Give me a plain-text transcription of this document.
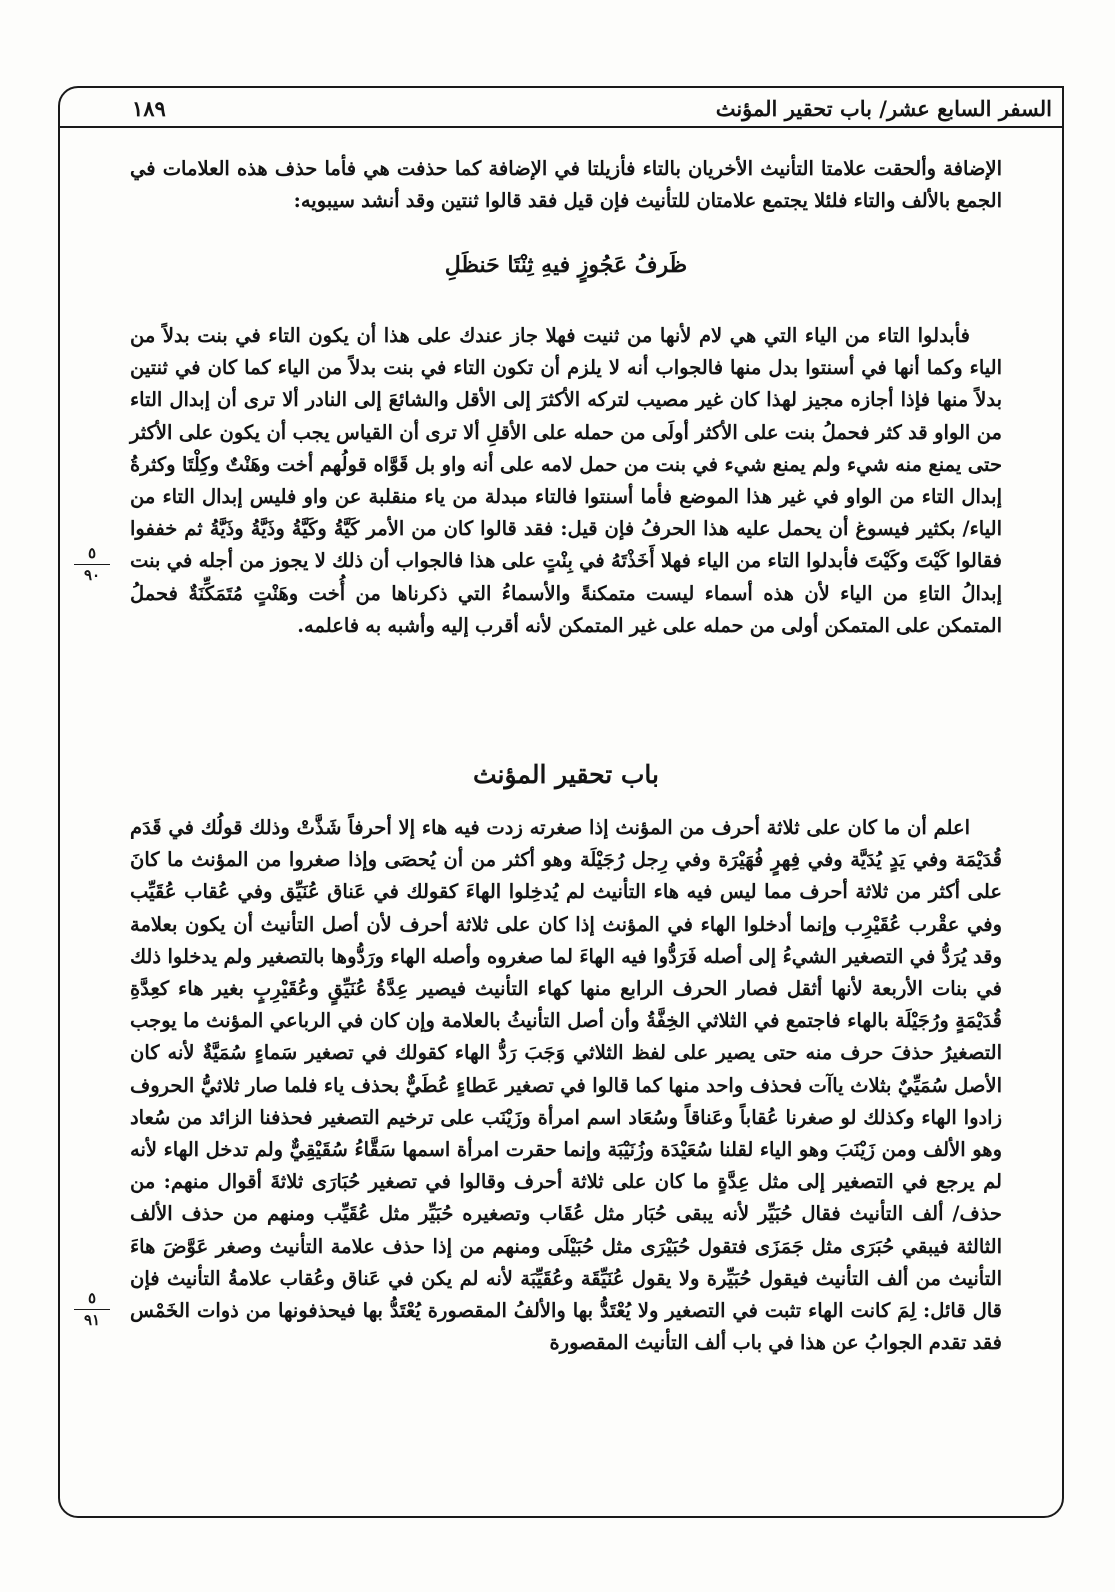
السفر السابع عشر/ باب تحقير المؤنث
١٨٩
الإضافة وألحقت علامتا التأنيث الأخريان بالتاء فأزيلتا في الإضافة كما حذفت هي فأما حذف هذه العلامات في الجمع بالألف والتاء فلئلا يجتمع علامتان للتأنيث فإن قيل فقد قالوا ثنتين وقد أنشد سيبويه:
ظَرفُ عَجُوزٍ فيهِ ثِنْتَا حَنظَلِ
فأبدلوا التاء من الياء التي هي لام لأنها من ثنيت فهلا جاز عندك على هذا أن يكون التاء في بنت بدلاً من الياء وكما أنها في أسنتوا بدل منها فالجواب أنه لا يلزم أن تكون التاء في بنت بدلاً من الياء كما كان في ثنتين بدلاً منها فإذا أجازه مجيز لهذا كان غير مصيب لتركه الأكثرَ إلى الأقل والشائعَ إلى النادر ألا ترى أن إبدال التاء من الواو قد كثر فحملُ بنت على الأكثر أولَى من حمله على الأقلِ ألا ترى أن القياس يجب أن يكون على الأكثر حتى يمنع منه شيء ولم يمنع شيء في بنت من حمل لامه على أنه واو بل قَوَّاه قولُهم أخت وهَنْتٌ وكِلْتَا وكثرةُ إبدال التاء من الواو في غير هذا الموضع فأما أسنتوا فالتاء مبدلة من ياء منقلبة عن واو فليس إبدال التاء من الياء/ بكثير فيسوغ أن يحمل عليه هذا الحرفُ فإن قيل: فقد قالوا كان من الأمر كَيَّةُ وكَيَّةُ وذَيَّةُ وذَيَّةُ ثم خففوا فقالوا كَيْتَ وكَيْتَ فأبدلوا التاء من الياء فهلا أَخَذْتَهُ في بِنْتٍ على هذا فالجواب أن ذلك لا يجوز من أجله في بنت إبدالُ التاءِ من الياء لأن هذه أسماء ليست متمكنةً والأسماءُ التي ذكرناها من أُخت وهَنْتٍ مُتَمَكِّنَةٌ فحملُ المتمكن على المتمكن أولى من حمله على غير المتمكن لأنه أقرب إليه وأشبه به فاعلمه.
باب تحقير المؤنث
اعلم أن ما كان على ثلاثة أحرف من المؤنث إذا صغرته زدت فيه هاء إلا أحرفاً شَذَّتْ وذلك قولُك في قَدَم قُدَيْمَة وفي يَدٍ يُدَيَّة وفي فِهرٍ فُهَيْرَة وفي رِجل رُجَيْلَة وهو أكثر من أن يُحصَى وإذا صغروا من المؤنث ما كانَ على أكثر من ثلاثة أحرف مما ليس فيه هاء التأنيث لم يُدخِلوا الهاءَ كقولك في عَناق عُنَيِّق وفي عُقاب عُقَيِّب وفي عقْرب عُقَيْرِب وإنما أدخلوا الهاء في المؤنث إذا كان على ثلاثة أحرف لأن أصل التأنيث أن يكون بعلامة وقد يُرَدُّ في التصغير الشيءُ إلى أصله فَرَدُّوا فيه الهاءَ لما صغروه وأصله الهاء ورَدُّوها بالتصغير ولم يدخلوا ذلك في بنات الأربعة لأنها أثقل فصار الحرف الرابع منها كهاء التأنيث فيصير عِدَّةُ عُنَيِّقٍ وعُقَيْرِبٍ بغير هاء كعِدَّةِ قُدَيْمَةٍ ورُجَيْلَة بالهاء فاجتمع في الثلاثي الخِفَّةُ وأن أصل التأنيثُ بالعلامة وإن كان في الرباعي المؤنث ما يوجب التصغيرُ حذفَ حرف منه حتى يصير على لفظ الثلاثي وَجَبَ رَدُّ الهاء كقولك في تصغير سَماءٍ سُمَيَّةٌ لأنه كان الأصل سُمَيِّيٌ بثلاث ياآت فحذف واحد منها كما قالوا في تصغير عَطاءٍ عُطَيٌّ بحذف ياء فلما صار ثلاثيُّ الحروف زادوا الهاء وكذلك لو صغرنا عُقاباً وعَناقاً وسُعَاد اسم امرأة وزَيْنَب على ترخيم التصغير فحذفنا الزائد من سُعاد وهو الألف ومن زَيْنَبَ وهو الياء لقلنا سُعَيْدَة وزُنَيْبَة وإنما حقرت امرأة اسمها سَقَّاءُ سُقَيْقِيٌّ ولم تدخل الهاء لأنه لم يرجع في التصغير إلى مثل عِدَّةٍ ما كان على ثلاثة أحرف وقالوا في تصغير حُبَارَى ثلاثةَ أقوال منهم: من حذف/ ألف التأنيث فقال حُبَيِّر لأنه يبقى حُبَار مثل عُقَاب وتصغيره حُبَيِّر مثل عُقَيِّب ومنهم من حذف الألف الثالثة فيبقي حُبَرَى مثل جَمَزَى فتقول حُبَيْرَى مثل حُبَيْلَى ومنهم من إذا حذف علامة التأنيث وصغر عَوَّضَ هاءَ التأنيث من ألف التأنيث فيقول حُبَيِّرة ولا يقول عُنَيِّقَة وعُقَيِّبَة لأنه لم يكن في عَناق وعُقاب علامةُ التأنيث فإن قال قائل: لِمَ كانت الهاء تثبت في التصغير ولا يُعْتَدُّ بها والألفُ المقصورة يُعْتَدُّ بها فيحذفونها من ذوات الخَمْس فقد تقدم الجوابُ عن هذا في باب ألف التأنيث المقصورة
٥
٩٠
٥
٩١
